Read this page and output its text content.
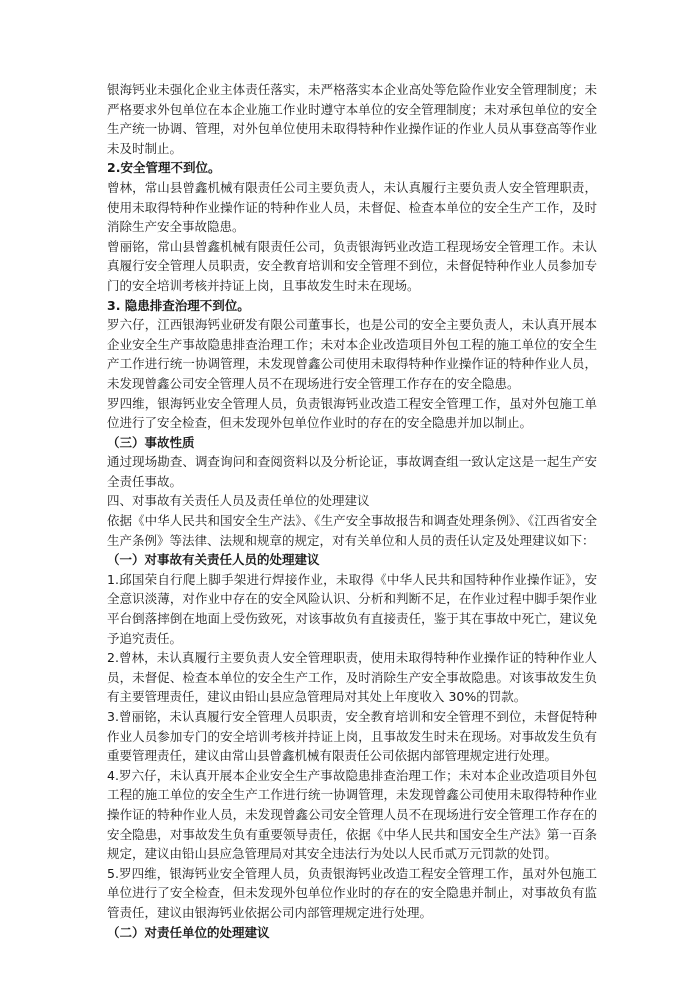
银海钙业未强化企业主体责任落实，未严格落实本企业高处等危险作业安全管理制度；未严格要求外包单位在本企业施工作业时遵守本单位的安全管理制度；未对承包单位的安全生产统一协调、管理，对外包单位使用未取得特种作业操作证的作业人员从事登高等作业未及时制止。

2.安全管理不到位。

曾林，常山县曾鑫机械有限责任公司主要负责人，未认真履行主要负责人安全管理职责，使用未取得特种作业操作证的特种作业人员，未督促、检查本单位的安全生产工作，及时消除生产安全事故隐患。

曾丽铭，常山县曾鑫机械有限责任公司，负责银海钙业改造工程现场安全管理工作。未认真履行安全管理人员职责，安全教育培训和安全管理不到位，未督促特种作业人员参加专门的安全培训考核并持证上岗，且事故发生时未在现场。

3. 隐患排查治理不到位。

罗六仔，江西银海钙业研发有限公司董事长，也是公司的安全主要负责人，未认真开展本企业安全生产事故隐患排查治理工作；未对本企业改造项目外包工程的施工单位的安全生产工作进行统一协调管理，未发现曾鑫公司使用未取得特种作业操作证的特种作业人员，未发现曾鑫公司安全管理人员不在现场进行安全管理工作存在的安全隐患。

罗四维，银海钙业安全管理人员，负责银海钙业改造工程安全管理工作，虽对外包施工单位进行了安全检查，但未发现外包单位作业时的存在的安全隐患并加以制止。

（三）事故性质

通过现场勘查、调查询问和查阅资料以及分析论证，事故调查组一致认定这是一起生产安全责任事故。

四、对事故有关责任人员及责任单位的处理建议

依据《中华人民共和国安全生产法》、《生产安全事故报告和调查处理条例》、《江西省安全生产条例》等法律、法规和规章的规定，对有关单位和人员的责任认定及处理建议如下：

（一）对事故有关责任人员的处理建议

1.邱国荣自行爬上脚手架进行焊接作业，未取得《中华人民共和国特种作业操作证》，安全意识淡薄，对作业中存在的安全风险认识、分析和判断不足，在作业过程中脚手架作业平台倒落摔倒在地面上受伤致死，对该事故负有直接责任，鉴于其在事故中死亡，建议免予追究责任。

2.曾林，未认真履行主要负责人安全管理职责，使用未取得特种作业操作证的特种作业人员，未督促、检查本单位的安全生产工作，及时消除生产安全事故隐患。对该事故发生负有主要管理责任，建议由铅山县应急管理局对其处上年度收入 30%的罚款。

3.曾丽铭，未认真履行安全管理人员职责，安全教育培训和安全管理不到位，未督促特种作业人员参加专门的安全培训考核并持证上岗，且事故发生时未在现场。对事故发生负有重要管理责任，建议由常山县曾鑫机械有限责任公司依据内部管理规定进行处理。

4.罗六仔，未认真开展本企业安全生产事故隐患排查治理工作；未对本企业改造项目外包工程的施工单位的安全生产工作进行统一协调管理，未发现曾鑫公司使用未取得特种作业操作证的特种作业人员，未发现曾鑫公司安全管理人员不在现场进行安全管理工作存在的安全隐患，对事故发生负有重要领导责任，依据《中华人民共和国安全生产法》第一百条规定，建议由铅山县应急管理局对其安全违法行为处以人民币贰万元罚款的处罚。

5.罗四维，银海钙业安全管理人员，负责银海钙业改造工程安全管理工作，虽对外包施工单位进行了安全检查，但未发现外包单位作业时的存在的安全隐患并制止，对事故负有监管责任，建议由银海钙业依据公司内部管理规定进行处理。

（二）对责任单位的处理建议
